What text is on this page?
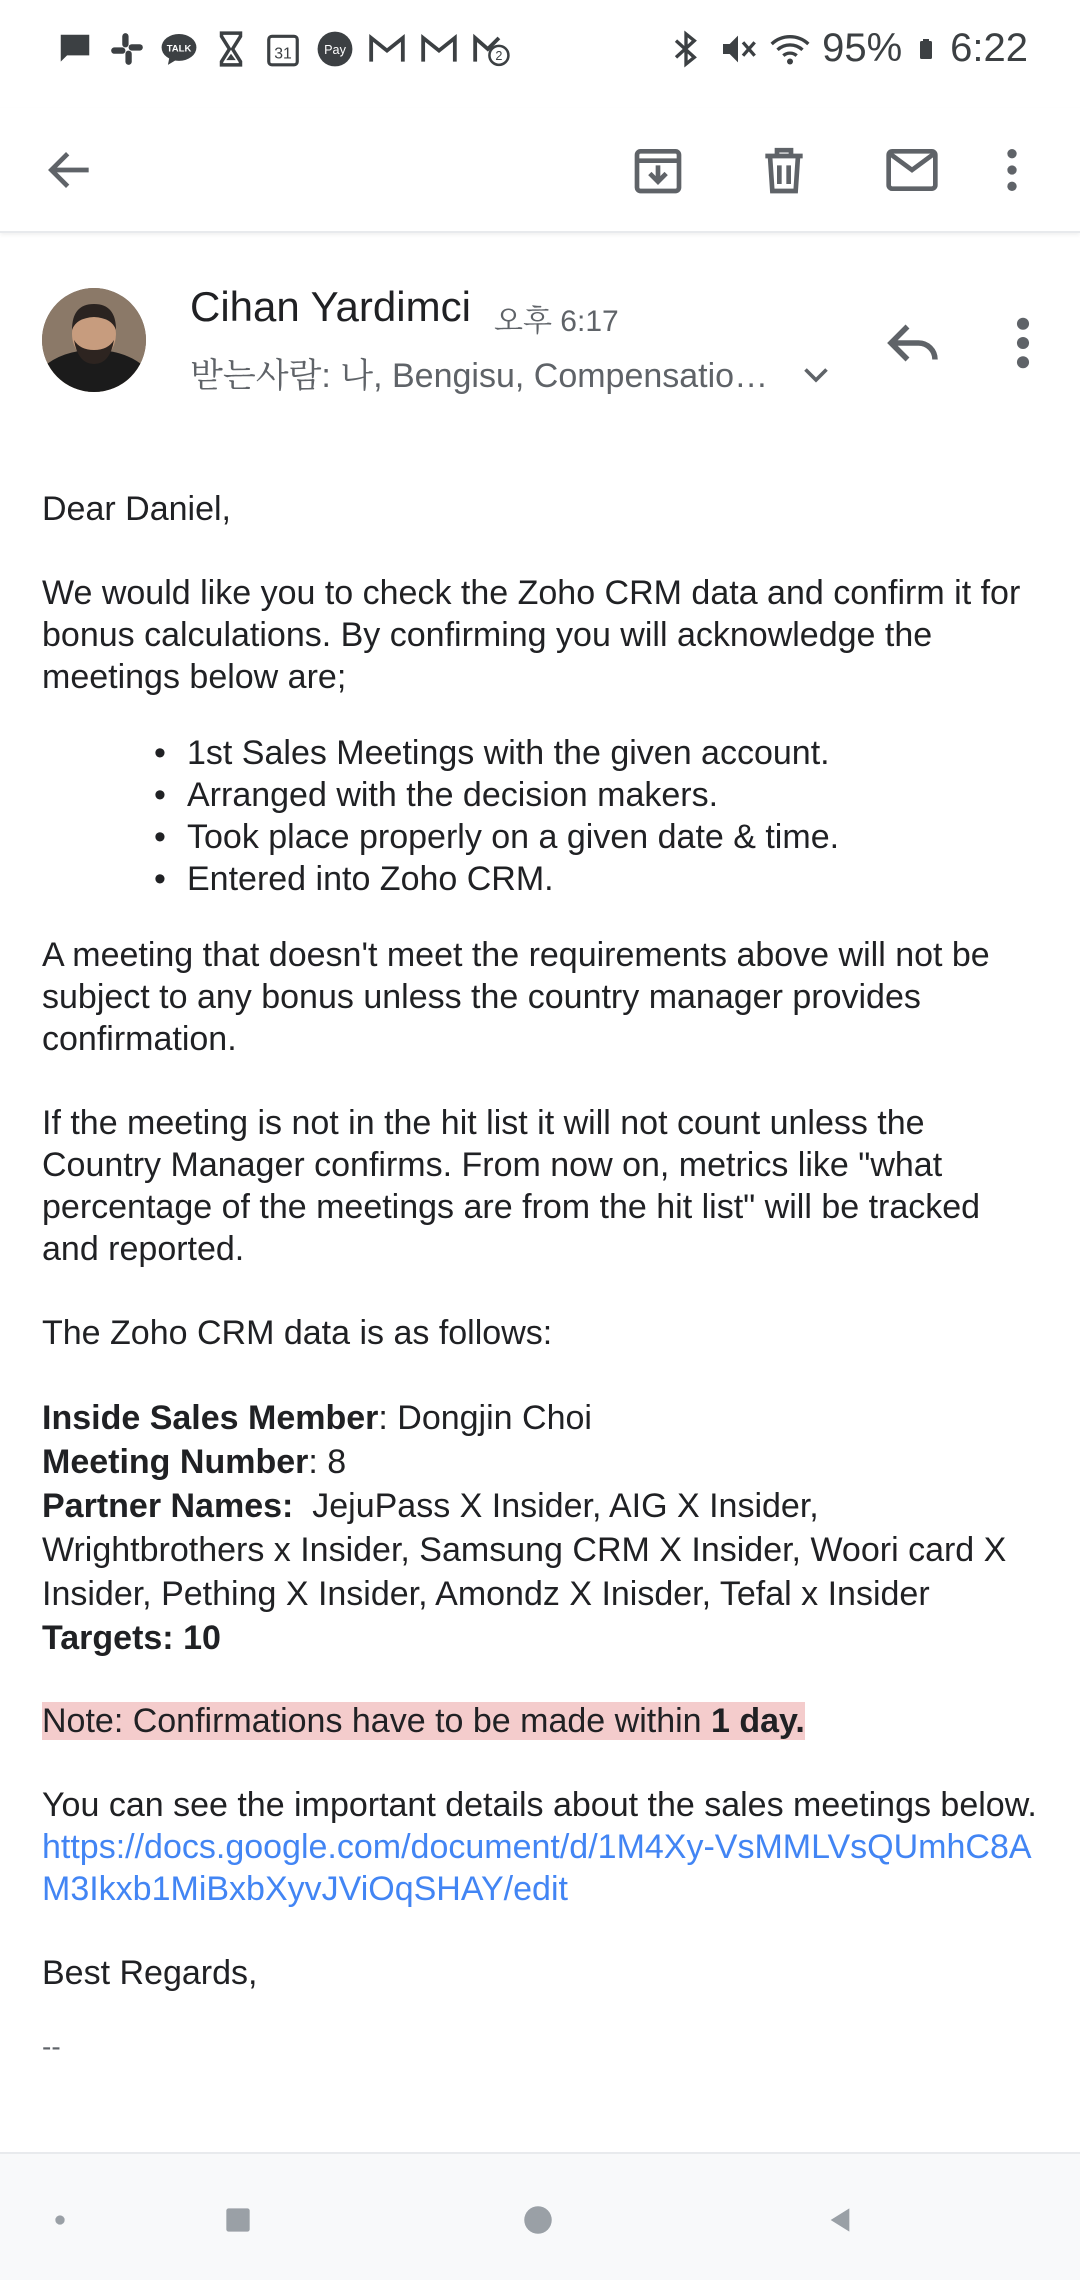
TALK	31	Pay	2	95% 6:22
Cihan Yardimci 오후 6:17
받는사람: 나, Bengisu, Compensatio…

Dear Daniel,

We would like you to check the Zoho CRM data and confirm it for bonus calculations. By confirming you will acknowledge the meetings below are;

• 1st Sales Meetings with the given account.
• Arranged with the decision makers.
• Took place properly on a given date & time.
• Entered into Zoho CRM.

A meeting that doesn't meet the requirements above will not be subject to any bonus unless the country manager provides confirmation.

If the meeting is not in the hit list it will not count unless the Country Manager confirms. From now on, metrics like "what percentage of the meetings are from the hit list" will be tracked and reported.

The Zoho CRM data is as follows:

Inside Sales Member: Dongjin Choi

Meeting Number: 8

Partner Names:  JejuPass X Insider, AIG X Insider, Wrightbrothers x Insider, Samsung CRM X Insider, Woori card X Insider, Pething X Insider, Amondz X Inisder, Tefal x Insider

Targets: 10

Note: Confirmations have to be made within 1 day.

You can see the important details about the sales meetings below.

https://docs.google.com/document/d/1M4Xy-VsMMLVsQUmhC8AM3Ikxb1MiBxbXyvJViOqSHAY/edit

Best Regards,

--
